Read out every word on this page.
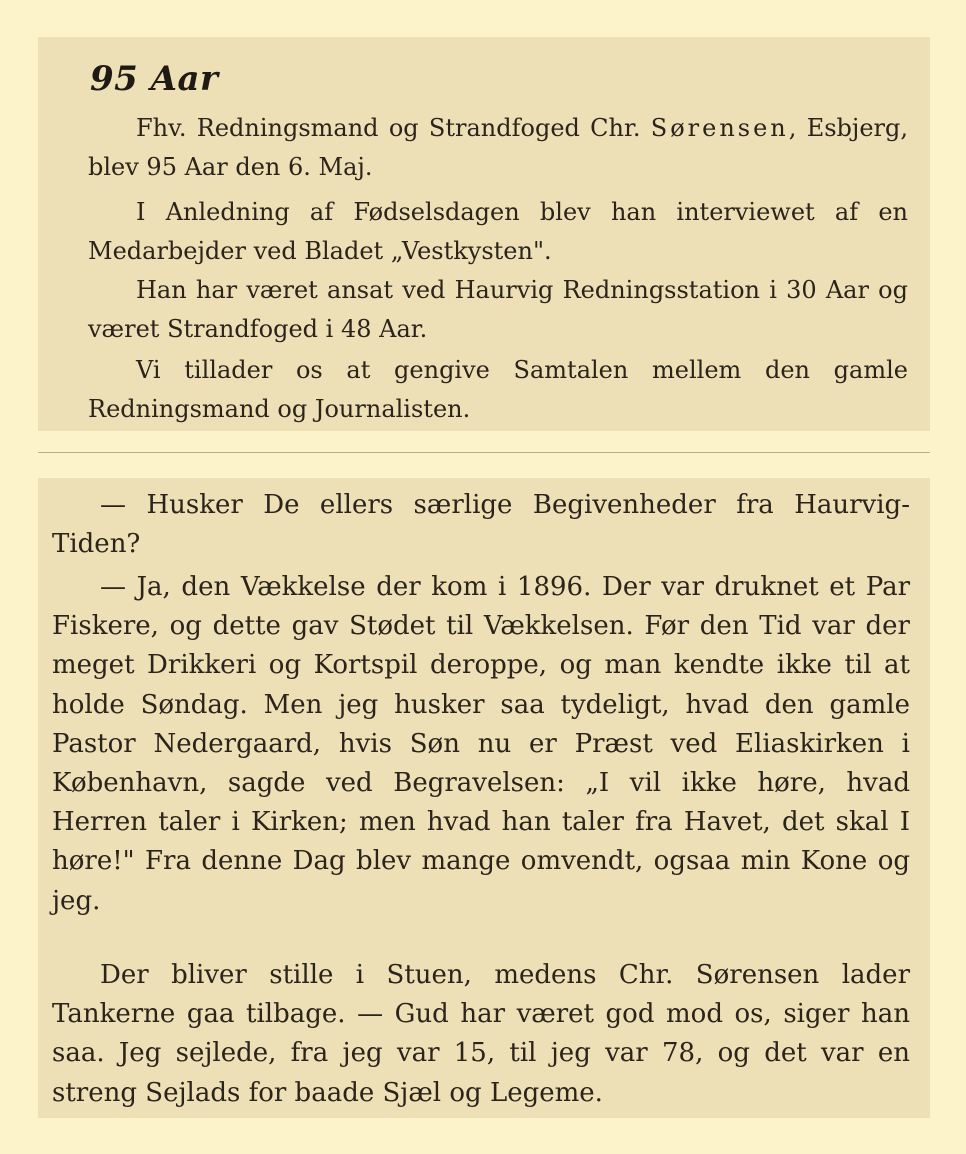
95 Aar

Fhv. Redningsmand og Strandfoged Chr. Sørensen, Esbjerg, blev 95 Aar den 6. Maj.

I Anledning af Fødselsdagen blev han interviewet af en Medarbejder ved Bladet „Vestkysten".

Han har været ansat ved Haurvig Redningsstation i 30 Aar og været Strandfoged i 48 Aar.

Vi tillader os at gengive Samtalen mellem den gamle Redningsmand og Journalisten.

— Husker De ellers særlige Begivenheder fra Haurvig-Tiden?

— Ja, den Vækkelse der kom i 1896. Der var druknet et Par Fiskere, og dette gav Stødet til Vækkelsen. Før den Tid var der meget Drikkeri og Kortspil deroppe, og man kendte ikke til at holde Søndag. Men jeg husker saa tydeligt, hvad den gamle Pastor Nedergaard, hvis Søn nu er Præst ved Eliaskirken i København, sagde ved Begravelsen: „I vil ikke høre, hvad Herren taler i Kirken; men hvad han taler fra Havet, det skal I høre!" Fra denne Dag blev mange omvendt, ogsaa min Kone og jeg.

Der bliver stille i Stuen, medens Chr. Sørensen lader Tankerne gaa tilbage. — Gud har været god mod os, siger han saa. Jeg sejlede, fra jeg var 15, til jeg var 78, og det var en streng Sejlads for baade Sjæl og Legeme.
